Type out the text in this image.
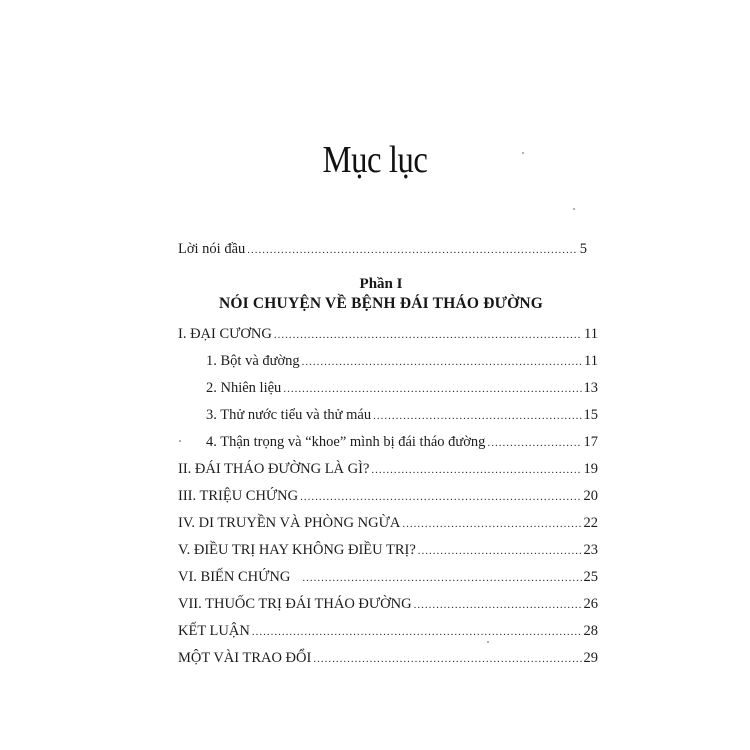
Mục lục
Lời nói đầu .....	5
Phần I
NÓI CHUYỆN VỀ BỆNH ĐÁI THÁO ĐƯỜNG
I. ĐẠI CƯƠNG .....	11
1. Bột và đường .....	11
2. Nhiên liệu .....	13
3. Thử nước tiểu và thử máu .....	15
4. Thận trọng và “khoe” mình bị đái tháo đường .....	17
II. ĐÁI THÁO ĐƯỜNG LÀ GÌ? .....	19
III. TRIỆU CHỨNG .....	20
IV. DI TRUYỀN VÀ PHÒNG NGỪA .....	22
V. ĐIỀU TRỊ HAY KHÔNG ĐIỀU TRỊ? .....	23
VI. BIẾN CHỨNG .....	25
VII. THUỐC TRỊ ĐÁI THÁO ĐƯỜNG .....	26
KẾT LUẬN .....	28
MỘT VÀI TRAO ĐỔI .....	29
